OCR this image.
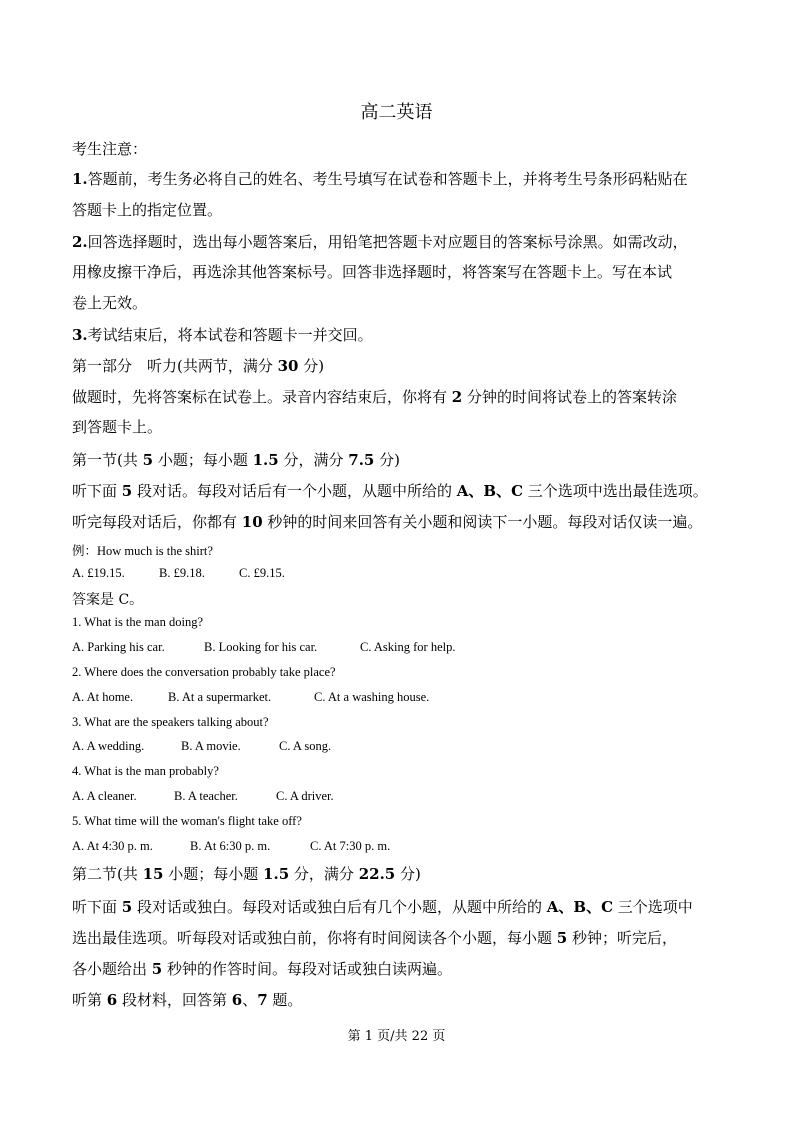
高二英语
考生注意：
1.答题前，考生务必将自己的姓名、考生号填写在试卷和答题卡上，并将考生号条形码粘贴在
答题卡上的指定位置。
2.回答选择题时，选出每小题答案后，用铅笔把答题卡对应题目的答案标号涂黑。如需改动，
用橡皮擦干净后，再选涂其他答案标号。回答非选择题时，将答案写在答题卡上。写在本试
卷上无效。
3.考试结束后，将本试卷和答题卡一并交回。
第一部分　听力(共两节，满分 30 分)
做题时，先将答案标在试卷上。录音内容结束后，你将有 2 分钟的时间将试卷上的答案转涂
到答题卡上。
第一节(共 5 小题；每小题 1.5 分，满分 7.5 分)
听下面 5 段对话。每段对话后有一个小题，从题中所给的 A、B、C 三个选项中选出最佳选项。
听完每段对话后，你都有 10 秒钟的时间来回答有关小题和阅读下一小题。每段对话仅读一遍。
例：How much is the shirt?
A. £19.15.	B. £9.18.	C. £9.15.
答案是 C。
1. What is the man doing?
A. Parking his car.	B. Looking for his car.	C. Asking for help.
2. Where does the conversation probably take place?
A. At home.	B. At a supermarket.	C. At a washing house.
3. What are the speakers talking about?
A. A wedding.	B. A movie.	C. A song.
4. What is the man probably?
A. A cleaner.	B. A teacher.	C. A driver.
5. What time will the woman's flight take off?
A. At 4:30 p. m.	B. At 6:30 p. m.	C. At 7:30 p. m.
第二节(共 15 小题；每小题 1.5 分，满分 22.5 分)
听下面 5 段对话或独白。每段对话或独白后有几个小题，从题中所给的 A、B、C 三个选项中
选出最佳选项。听每段对话或独白前，你将有时间阅读各个小题，每小题 5 秒钟；听完后，
各小题给出 5 秒钟的作答时间。每段对话或独白读两遍。
听第 6 段材料，回答第 6、7 题。
第 1 页/共 22 页
